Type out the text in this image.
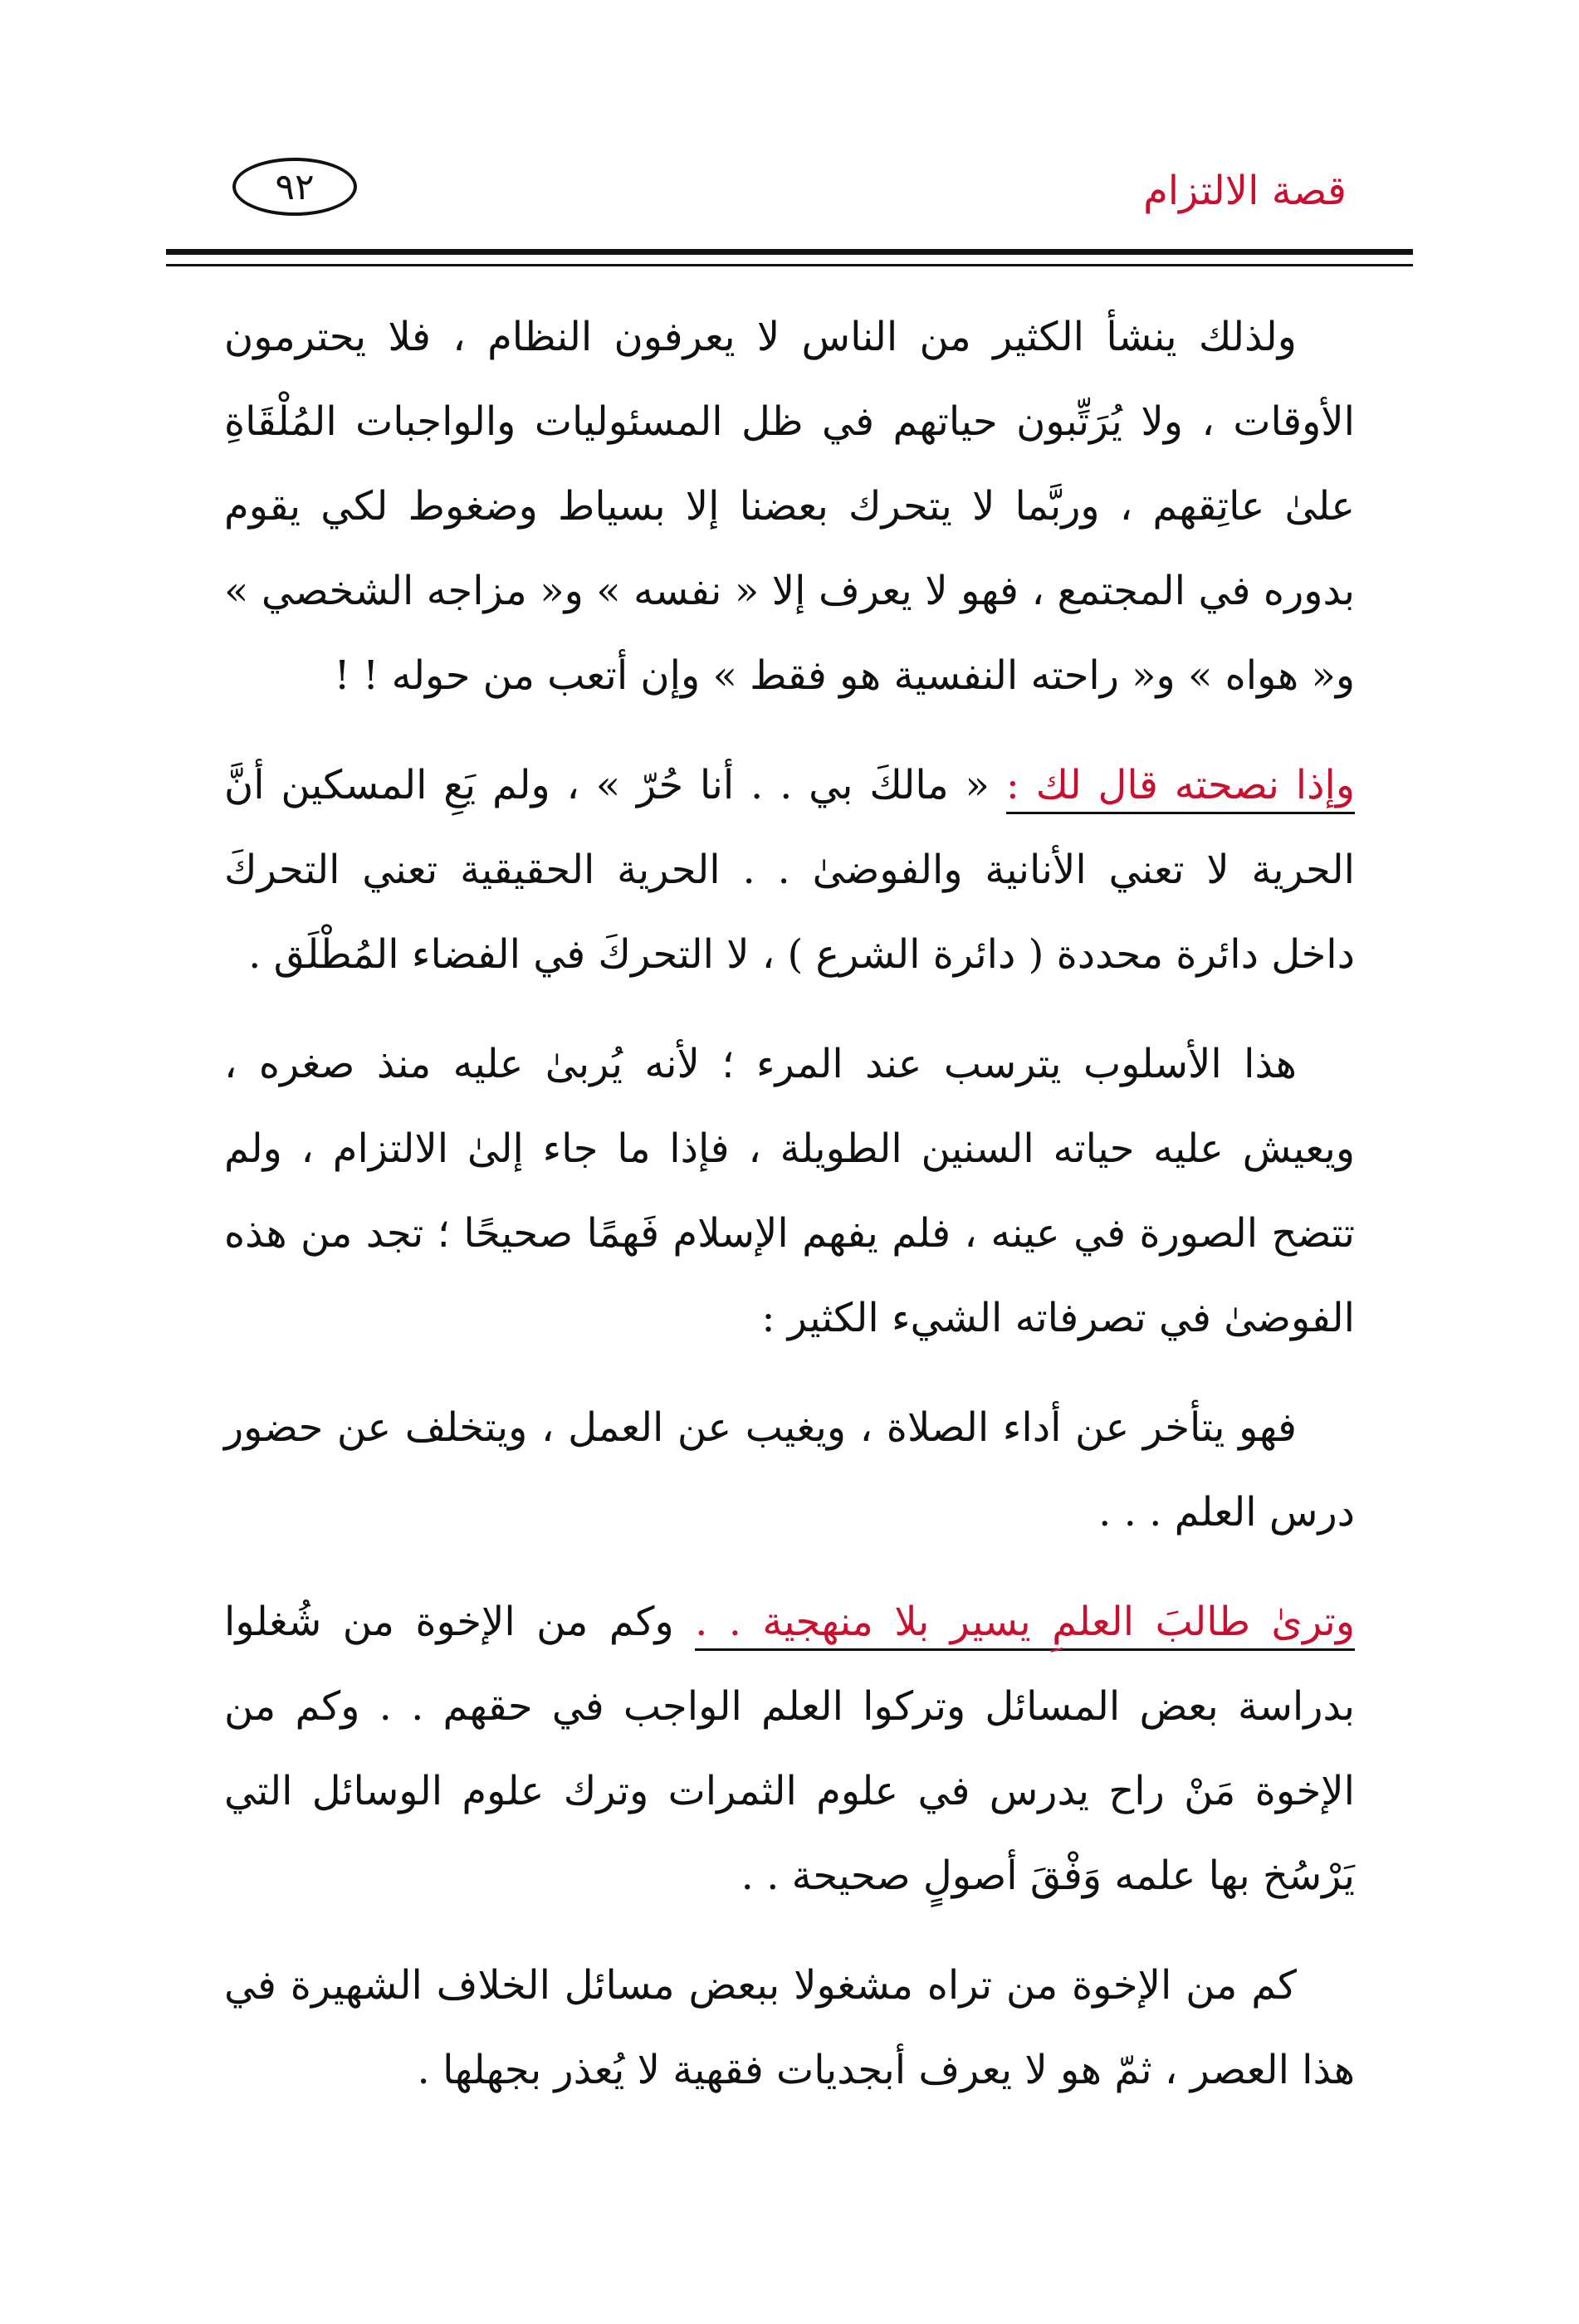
قصة الالتزام
٩٢

ولذلك ينشأ الكثير من الناس لا يعرفون النظام ، فلا يحترمون الأوقات ، ولا يُرَتِّبون حياتهم في ظل المسئوليات والواجبات المُلْقَاةِ علىٰ عاتِقهم ، وربَّما لا يتحرك بعضنا إلا بسياط وضغوط لكي يقوم بدوره في المجتمع ، فهو لا يعرف إلا « نفسه » و« مزاجه الشخصي » و« هواه » و« راحته النفسية هو فقط » وإن أتعب من حوله ! !

وإذا نصحته قال لك : « مالكَ بي . . أنا حُرّ » ، ولم يَعِ المسكين أنَّ الحرية لا تعني الأنانية والفوضىٰ . . الحرية الحقيقية تعني التحركَ داخل دائرة محددة ( دائرة الشرع ) ، لا التحركَ في الفضاء المُطْلَق .

هذا الأسلوب يترسب عند المرء ؛ لأنه يُربىٰ عليه منذ صغره ، ويعيش عليه حياته السنين الطويلة ، فإذا ما جاء إلىٰ الالتزام ، ولم تتضح الصورة في عينه ، فلم يفهم الإسلام فَهمًا صحيحًا ؛ تجد من هذه الفوضىٰ في تصرفاته الشيء الكثير :

فهو يتأخر عن أداء الصلاة ، ويغيب عن العمل ، ويتخلف عن حضور درس العلم . . .

وترىٰ طالبَ العلمِ يسير بلا منهجية . . وكم من الإخوة من شُغلوا بدراسة بعض المسائل وتركوا العلم الواجب في حقهم . . وكم من الإخوة مَنْ راح يدرس في علوم الثمرات وترك علوم الوسائل التي يَرْسُخ بها علمه وَفْقَ أصولٍ صحيحة . .

كم من الإخوة من تراه مشغولا ببعض مسائل الخلاف الشهيرة في هذا العصر ، ثمّ هو لا يعرف أبجديات فقهية لا يُعذر بجهلها .
